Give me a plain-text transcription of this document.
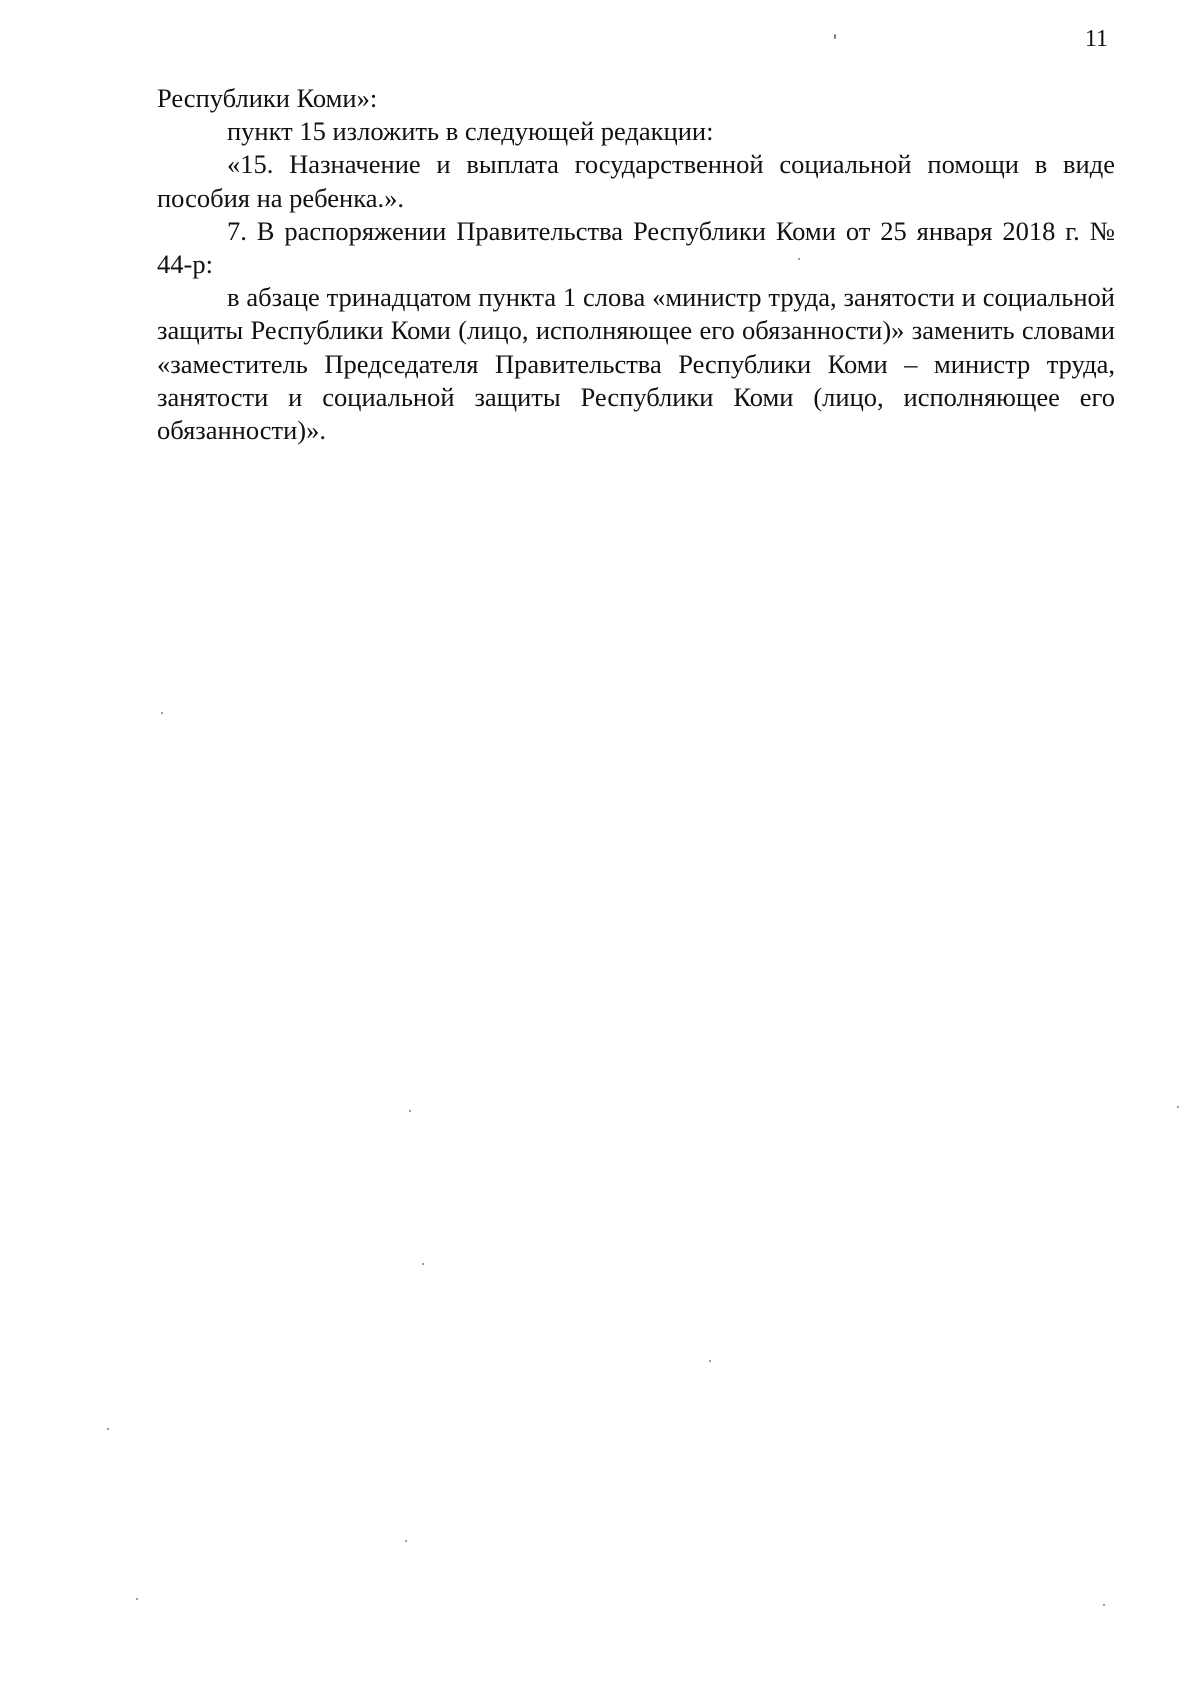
11

Республики Коми»:

пункт 15 изложить в следующей редакции:

«15. Назначение и выплата государственной социальной помощи в виде пособия на ребенка.».

7. В распоряжении Правительства Республики Коми от 25 января 2018 г. № 44-р:

в абзаце тринадцатом пункта 1 слова «министр труда, занятости и социальной защиты Республики Коми (лицо, исполняющее его обязанности)» заменить словами «заместитель Председателя Правительства Республики Коми – министр труда, занятости и социальной защиты Республики Коми (лицо, исполняющее его обязанности)».
